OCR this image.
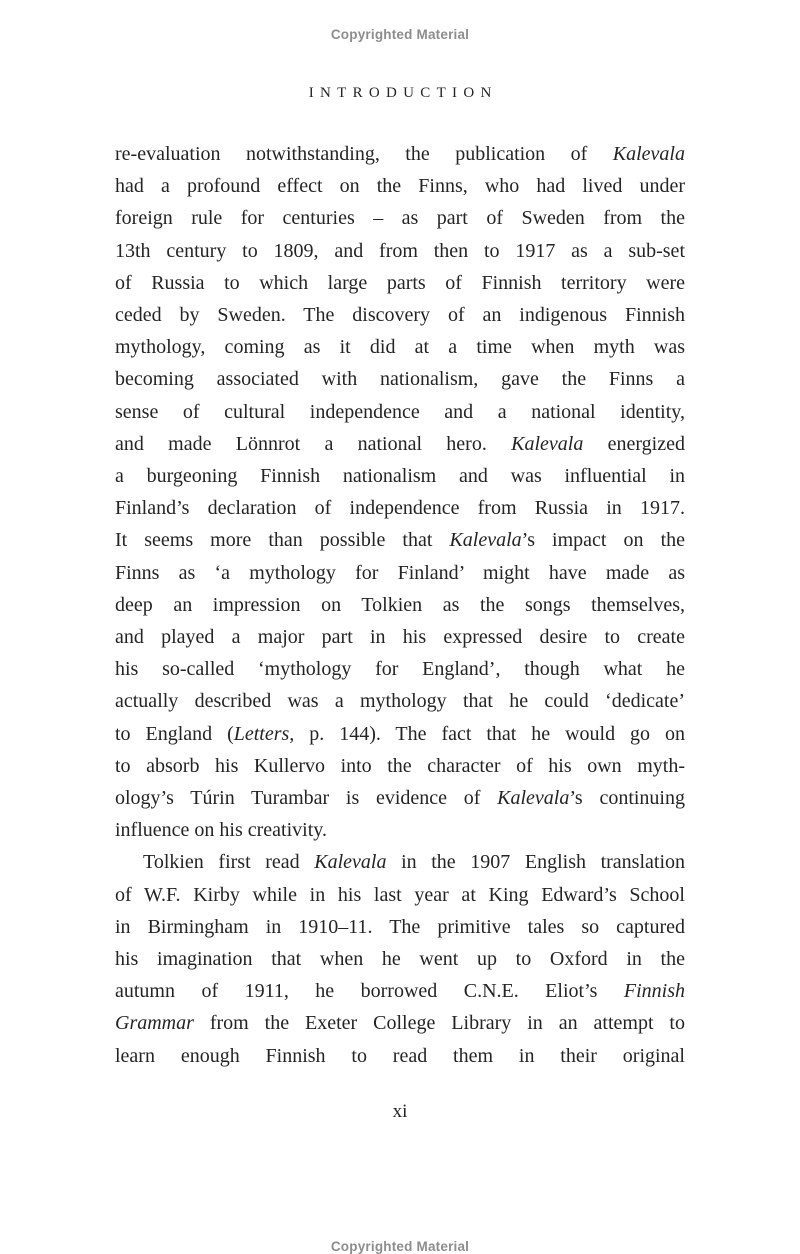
Copyrighted Material
INTRODUCTION
re-evaluation notwithstanding, the publication of Kalevala
had a profound effect on the Finns, who had lived under
foreign rule for centuries – as part of Sweden from the
13th century to 1809, and from then to 1917 as a sub-set
of Russia to which large parts of Finnish territory were
ceded by Sweden. The discovery of an indigenous Finnish
mythology, coming as it did at a time when myth was
becoming associated with nationalism, gave the Finns a
sense of cultural independence and a national identity,
and made Lönnrot a national hero. Kalevala energized
a burgeoning Finnish nationalism and was influential in
Finland’s declaration of independence from Russia in 1917.
It seems more than possible that Kalevala’s impact on the
Finns as ‘a mythology for Finland’ might have made as
deep an impression on Tolkien as the songs themselves,
and played a major part in his expressed desire to create
his so-called ‘mythology for England’, though what he
actually described was a mythology that he could ‘dedicate’
to England (Letters, p. 144). The fact that he would go on
to absorb his Kullervo into the character of his own myth-
ology’s Túrin Turambar is evidence of Kalevala’s continuing
influence on his creativity.
Tolkien first read Kalevala in the 1907 English translation
of W.F. Kirby while in his last year at King Edward’s School
in Birmingham in 1910–11. The primitive tales so captured
his imagination that when he went up to Oxford in the
autumn of 1911, he borrowed C.N.E. Eliot’s Finnish
Grammar from the Exeter College Library in an attempt to
learn enough Finnish to read them in their original
xi
Copyrighted Material
